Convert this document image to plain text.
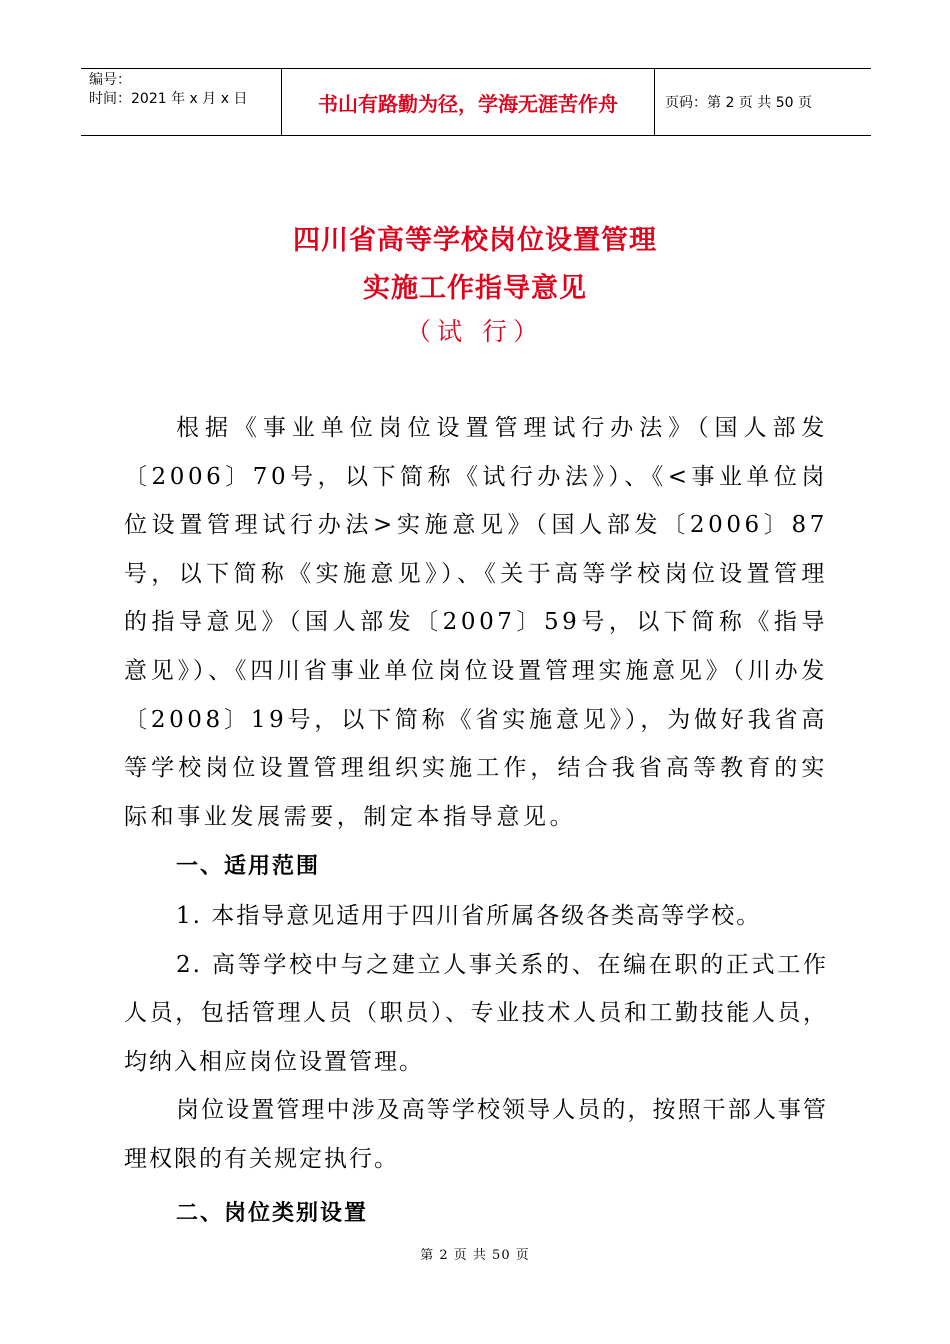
编号：
时间：2021 年 x 月 x 日	书山有路勤为径，学海无涯苦作舟	页码：第 2 页 共 50 页
四川省高等学校岗位设置管理
实施工作指导意见
（试 行）

根据《事业单位岗位设置管理试行办法》（国人部发〔2006〕70号，以下简称《试行办法》）、《<事业单位岗位设置管理试行办法>实施意见》（国人部发〔2006〕87号，以下简称《实施意见》）、《关于高等学校岗位设置管理的指导意见》（国人部发〔2007〕59号，以下简称《指导意见》）、《四川省事业单位岗位设置管理实施意见》（川办发〔2008〕19号，以下简称《省实施意见》），为做好我省高等学校岗位设置管理组织实施工作，结合我省高等教育的实际和事业发展需要，制定本指导意见。

一、适用范围

1. 本指导意见适用于四川省所属各级各类高等学校。

2. 高等学校中与之建立人事关系的、在编在职的正式工作人员，包括管理人员（职员）、专业技术人员和工勤技能人员，均纳入相应岗位设置管理。

岗位设置管理中涉及高等学校领导人员的，按照干部人事管理权限的有关规定执行。

二、岗位类别设置

第 2 页 共 50 页
